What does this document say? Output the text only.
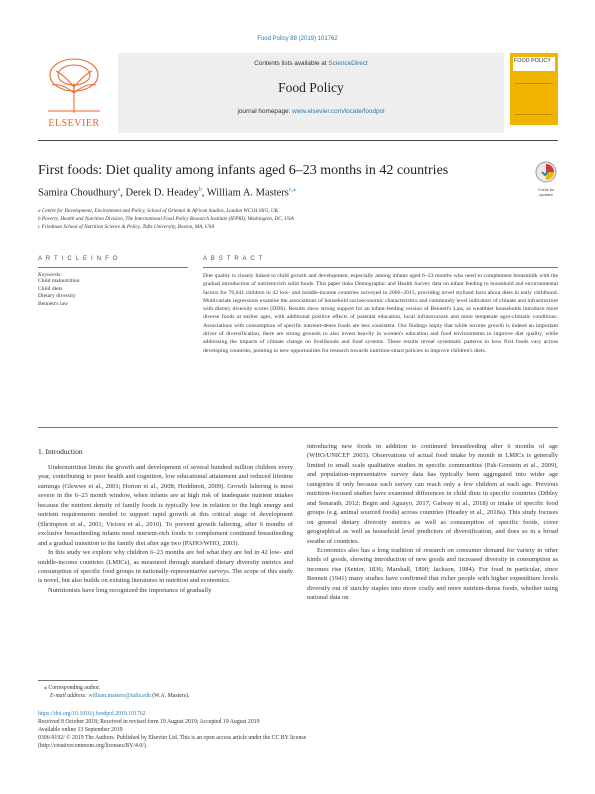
Food Policy 88 (2019) 101762
ELSEVIER
Contents lists available at ScienceDirect
Food Policy
journal homepage: www.elsevier.com/locate/foodpol
FOOD POLICY
First foods: Diet quality among infants aged 6–23 months in 42 countries
Samira Choudhury$^a$, Derek D. Headey$^b$, William A. Masters$^{c,⁎}$	Check for
updates
a Centre for Development, Environment and Policy, School of Oriental & African Studies, London WC1H 0XG, UK
b Poverty, Health and Nutrition Division, The International Food Policy Research Institute (IFPRI), Washington, DC, USA
c Friedman School of Nutrition Science & Policy, Tufts University, Boston, MA, USA
A R T I C L E I N F O	A B S T R A C T
Keywords:
Child malnutrition
Child diets
Dietary diversity
Bennett's law
Diet quality is closely linked to child growth and development, especially among infants aged 6–23 months who need to complement breastmilk with the gradual introduction of nutrient-rich solid foods. This paper links Demographic and Health Survey data on infant feeding to household and environmental factors for 76,641 children in 42 low- and middle-income countries surveyed in 2006–2013, providing novel stylized facts about diets in early childhood. Multivariate regressions examine the associations of household socioeconomic characteristics and community level indicators of climate and infrastructure with dietary diversity scores (DDS). Results show strong support for an infant-feeding version of Bennett's Law, as wealthier households introduce more diverse foods at earlier ages, with additional positive effects of parental education, local infrastructure and more temperate agro-climatic conditions. Associations with consumption of specific nutrient-dense foods are less consistent. Our findings imply that while income growth is indeed an important driver of diversification, there are strong grounds to also invest heavily in women's education and food environments to improve diet quality, while addressing the impacts of climate change on livelihoods and food systems. These results reveal systematic patterns in how first foods vary across developing countries, pointing to new opportunities for research towards nutrition-smart policies to improve children's diets.
1. Introduction

Undernutrition limits the growth and development of several hundred million children every year, contributing to poor health and cognition, low educational attainment and reduced lifetime earnings (Glewwe et al., 2001; Horton et al., 2008; Hoddinott, 2009). Growth faltering is most severe in the 6–23 month window, when infants are at high risk of inadequate nutrient intakes because the nutrient density of family foods is typically low in relation to the high energy and nutrient requirements needed to support rapid growth at this critical stage of development (Shrimpton et al., 2001; Victora et al., 2010). To prevent growth faltering, after 6 months of exclusive breastfeeding infants need nutrient-rich foods to complement continued breastfeeding and a gradual transition to the family diet after age two (PAHO/WHO, 2003).

In this study we explore why children 6–23 months are fed what they are fed in 42 low- and middle-income countries (LMICs), as measured through standard dietary diversity metrics and consumption of specific food groups in nationally-representative surveys. The scope of this study is novel, but also builds on existing literatures in nutrition and economics.

Nutritionists have long recognized the importance of gradually

introducing new foods in addition to continued breastfeeding after 6 months of age (WHO/UNICEF 2003). Observations of actual food intake by month in LMICs is generally limited to small scale qualitative studies in specific communities (Pak-Gorstein et al., 2009), and population-representative survey data has typically been aggregated into wider age categories if only because each survey can reach only a few children at each age. Previous nutrition-focused studies have examined differences in child diets in specific countries (Dibley and Senarath, 2012; Begin and Aguayo, 2017; Galway et al., 2018) or intake of specific food groups (e.g. animal sourced foods) across countries (Headey et al., 2018a). This study focuses on general dietary diversity metrics as well as consumption of specific foods, cover geographical as well as household level predictors of diversification, and does so in a broad swathe of countries.

Economics also has a long tradition of research on consumer demand for variety in other kinds of goods, showing introduction of new goods and increased diversity in consumption as incomes rise (Senior, 1836; Marshall, 1890; Jackson, 1984). For food in particular, since Bennett (1941) many studies have confirmed that richer people with higher expenditure levels diversify out of starchy staples into more costly and more nutrient-dense foods, whether using national data on

⁎ Corresponding author.
E-mail address: william.masters@tufts.edu (W.A. Masters).
https://doi.org/10.1016/j.foodpol.2019.101762
Received 8 October 2018; Received in revised form 19 August 2019; Accepted 19 August 2019
Available online 13 September 2019
0306-9192/ © 2019 The Authors. Published by Elsevier Ltd. This is an open access article under the CC BY license
(http://creativecommons.org/licenses/BY/4.0/).
